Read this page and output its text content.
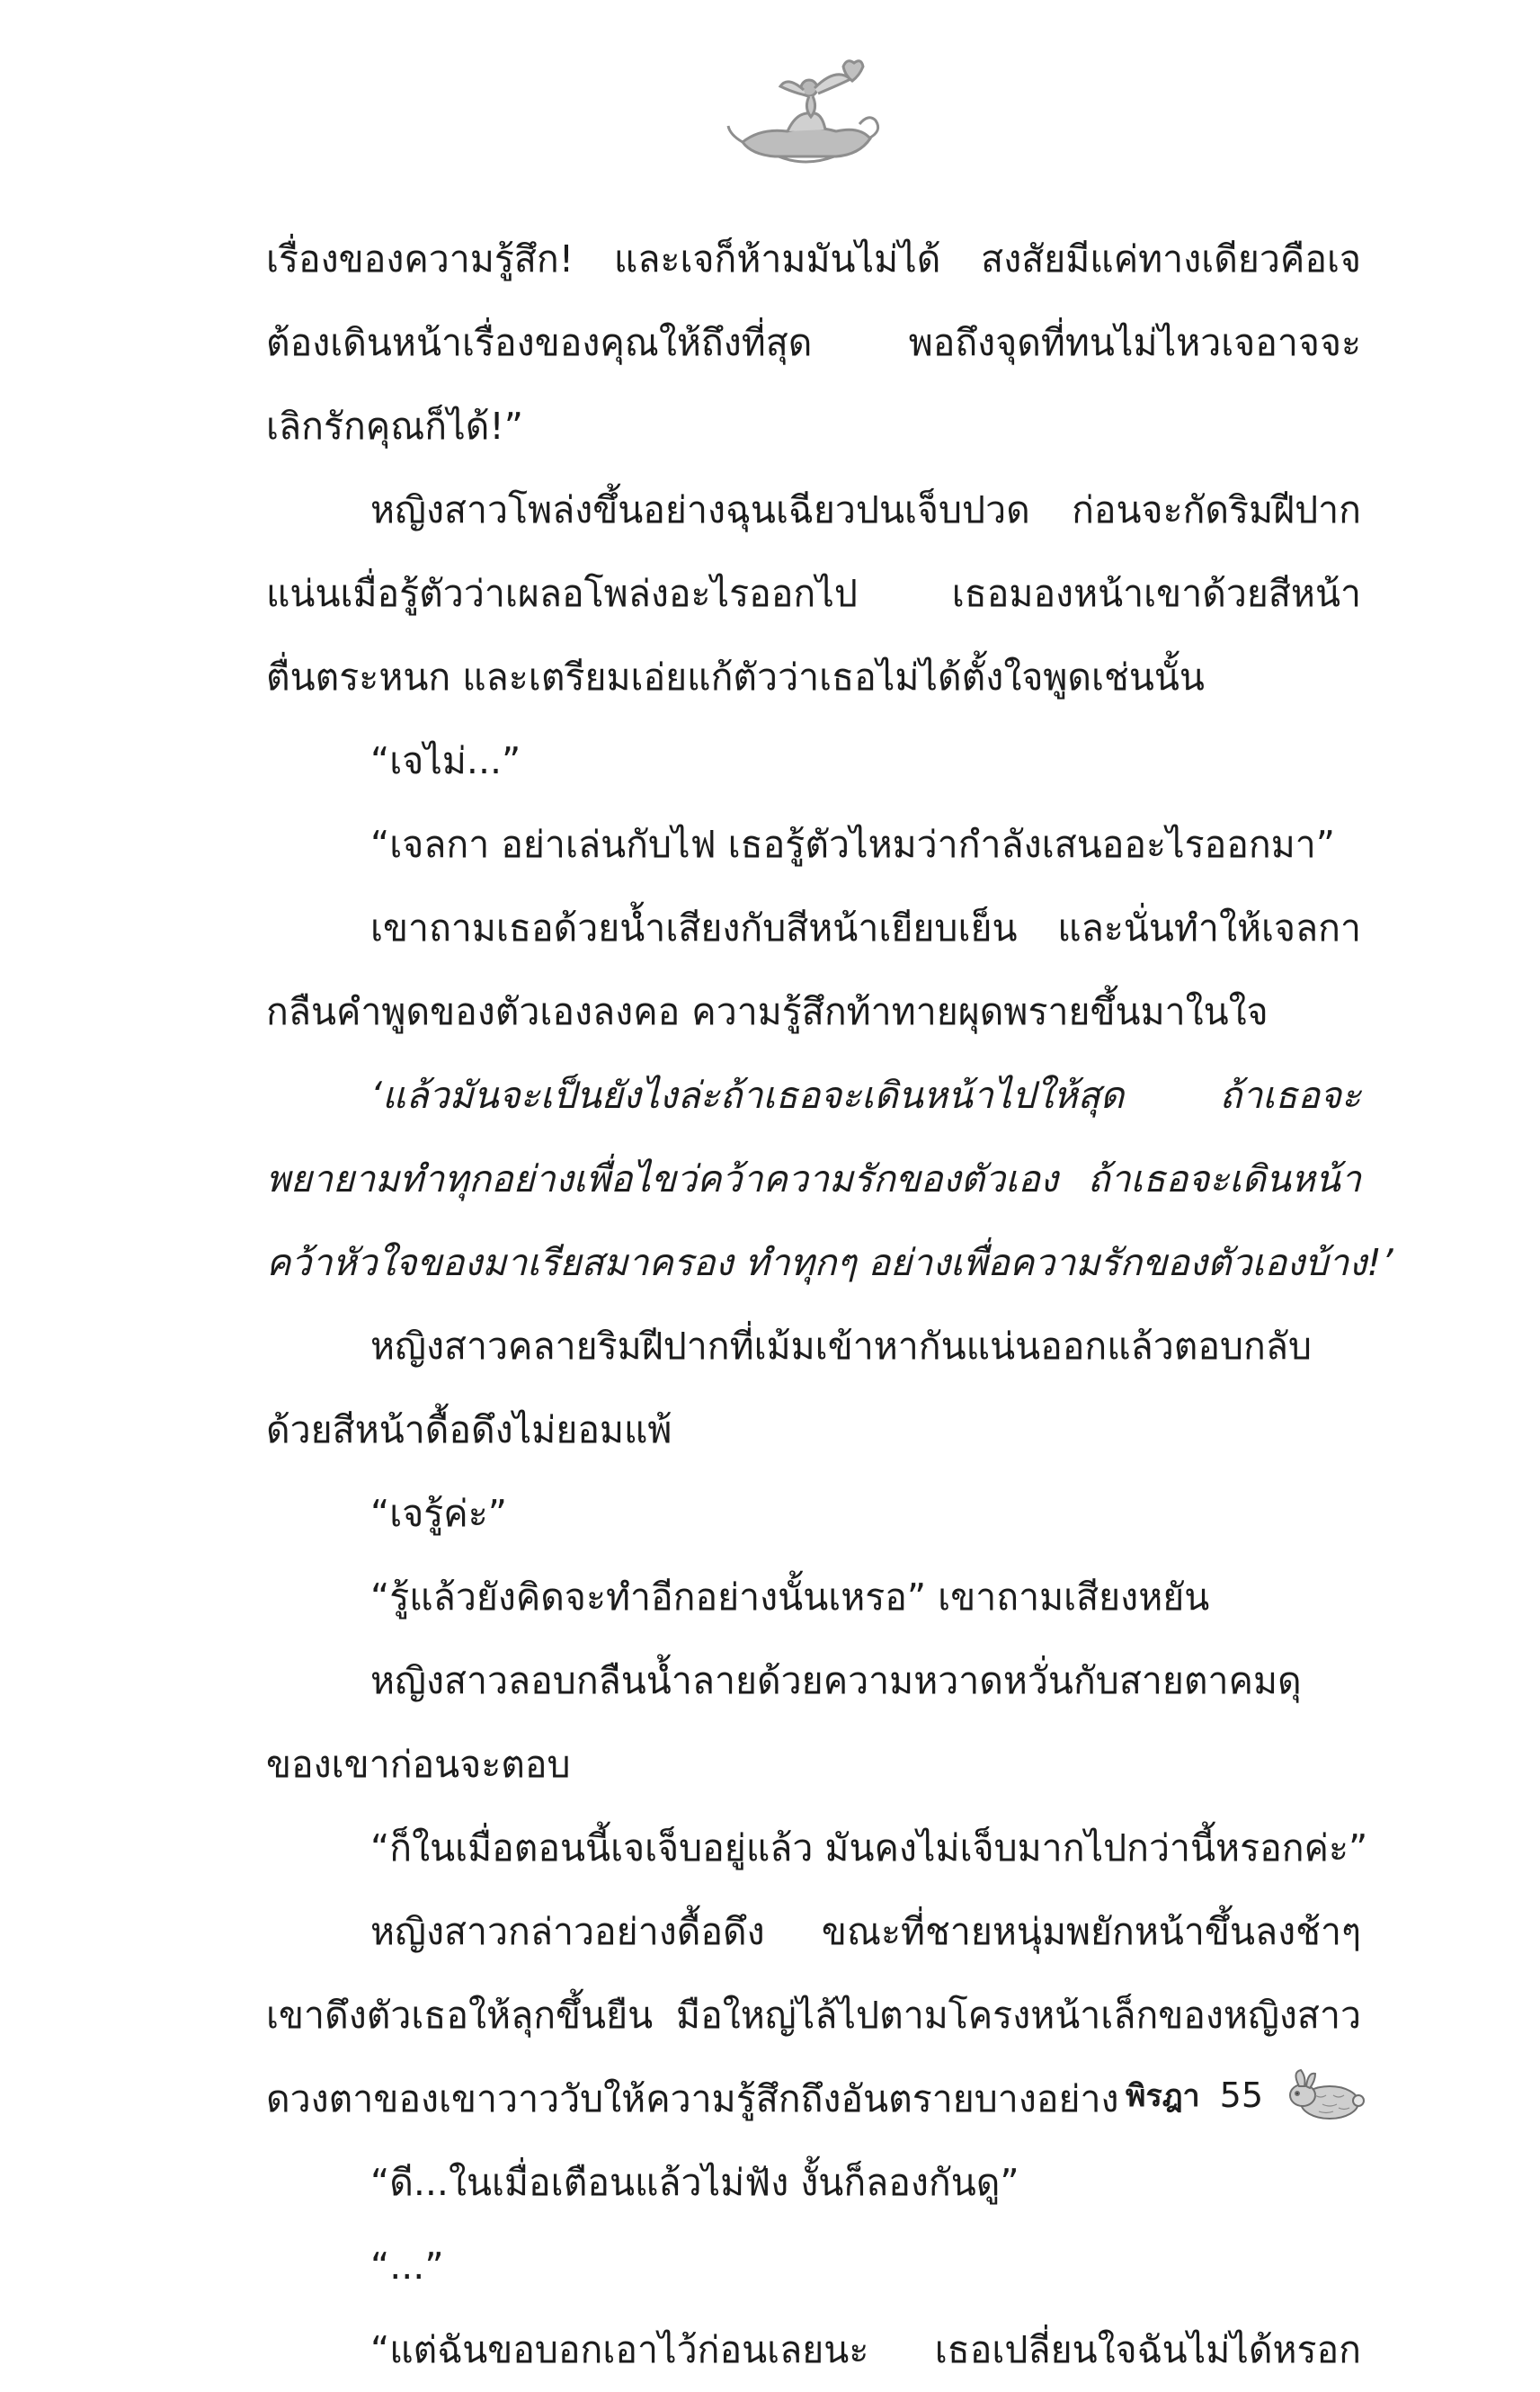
เรื่องของความรู้สึก! และเจก็ห้ามมันไม่ได้ สงสัยมีแค่ทางเดียวคือเจ
ต้องเดินหน้าเรื่องของคุณให้ถึงที่สุด พอถึงจุดที่ทนไม่ไหวเจอาจจะ
เลิกรักคุณก็ได้!”
หญิงสาวโพล่งขึ้นอย่างฉุนเฉียวปนเจ็บปวด ก่อนจะกัดริมฝีปาก
แน่นเมื่อรู้ตัวว่าเผลอโพล่งอะไรออกไป เธอมองหน้าเขาด้วยสีหน้า
ตื่นตระหนก และเตรียมเอ่ยแก้ตัวว่าเธอไม่ได้ตั้งใจพูดเช่นนั้น
“เจไม่...”
“เจลกา อย่าเล่นกับไฟ เธอรู้ตัวไหมว่ากำลังเสนออะไรออกมา”
เขาถามเธอด้วยน้ำเสียงกับสีหน้าเยียบเย็น และนั่นทำให้เจลกา
กลืนคำพูดของตัวเองลงคอ ความรู้สึกท้าทายผุดพรายขึ้นมาในใจ
‘แล้วมันจะเป็นยังไงล่ะถ้าเธอจะเดินหน้าไปให้สุด ถ้าเธอจะ
พยายามทำทุกอย่างเพื่อไขว่คว้าความรักของตัวเอง ถ้าเธอจะเดินหน้า
คว้าหัวใจของมาเรียสมาครอง ทำทุกๆ อย่างเพื่อความรักของตัวเองบ้าง!’
หญิงสาวคลายริมฝีปากที่เม้มเข้าหากันแน่นออกแล้วตอบกลับ
ด้วยสีหน้าดื้อดึงไม่ยอมแพ้
“เจรู้ค่ะ”
“รู้แล้วยังคิดจะทำอีกอย่างนั้นเหรอ” เขาถามเสียงหยัน
หญิงสาวลอบกลืนน้ำลายด้วยความหวาดหวั่นกับสายตาคมดุ
ของเขาก่อนจะตอบ
“ก็ในเมื่อตอนนี้เจเจ็บอยู่แล้ว มันคงไม่เจ็บมากไปกว่านี้หรอกค่ะ”
หญิงสาวกล่าวอย่างดื้อดึง ขณะที่ชายหนุ่มพยักหน้าขึ้นลงช้าๆ
เขาดึงตัวเธอให้ลุกขึ้นยืน มือใหญ่ไล้ไปตามโครงหน้าเล็กของหญิงสาว
ดวงตาของเขาวาววับให้ความรู้สึกถึงอันตรายบางอย่าง
“ดี...ในเมื่อเตือนแล้วไม่ฟัง งั้นก็ลองกันดู”
“...”
“แต่ฉันขอบอกเอาไว้ก่อนเลยนะ เธอเปลี่ยนใจฉันไม่ได้หรอก
พิรฎา 55
